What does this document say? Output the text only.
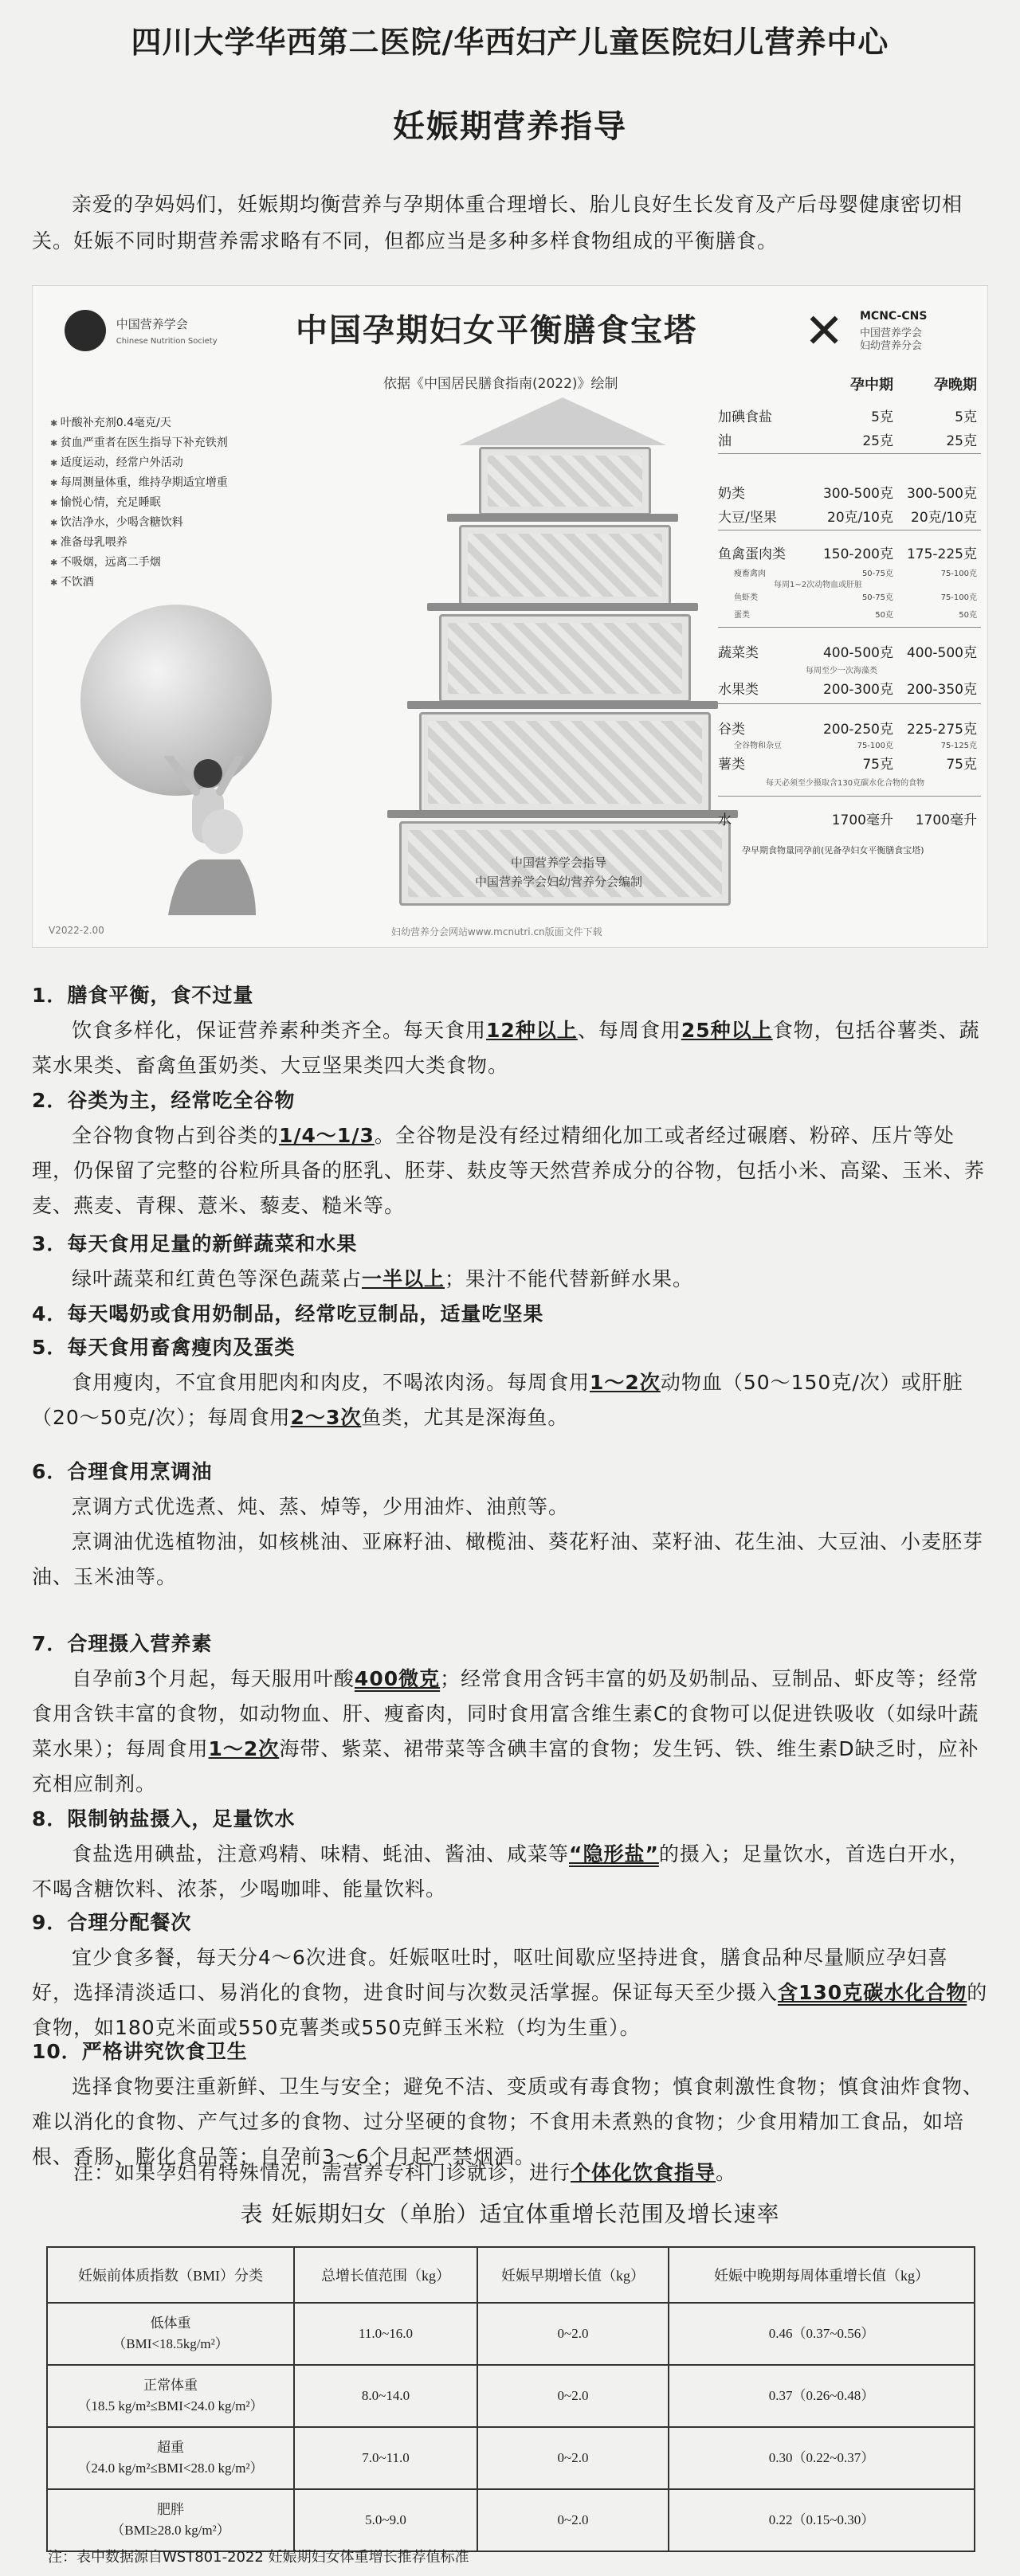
四川大学华西第二医院/华西妇产儿童医院妇儿营养中心
妊娠期营养指导
亲爱的孕妈妈们，妊娠期均衡营养与孕期体重合理增长、胎儿良好生长发育及产后母婴健康密切相关。妊娠不同时期营养需求略有不同，但都应当是多种多样食物组成的平衡膳食。
中国营养学会
Chinese Nutrition Society 中国孕期妇女平衡膳食宝塔
依据《中国居民膳食指南(2022)》绘制
✕ MCNC-CNS
中国营养学会
妇幼营养分会
✱ 叶酸补充剂0.4毫克/天
✱ 贫血严重者在医生指导下补充铁剂
✱ 适度运动，经常户外活动
✱ 每周测量体重，维持孕期适宜增重
✱ 愉悦心情，充足睡眠
✱ 饮洁净水，少喝含糖饮料
✱ 准备母乳喂养
✱ 不吸烟，远离二手烟
✱ 不饮酒
中国营养学会指导
中国营养学会妇幼营养分会编制
V2022-2.00	妇幼营养分会网站www.mcnutri.cn版面文件下载
孕中期	孕晚期
加碘食盐	5克	5克
油	25克	25克
奶类	300-500克 300-500克
大豆/坚果	20克/10克	20克/10克
鱼禽蛋肉类	150-200克 175-225克
瘦畜禽肉	50-75克	75-100克
每周1~2次动物血或肝脏
鱼虾类	50-75克	75-100克
蛋类	50克	50克
蔬菜类	400-500克 400-500克
每周至少一次海藻类
水果类	200-300克 200-350克
谷类	200-250克 225-275克
全谷物和杂豆	75-100克	75-125克
薯类	75克	75克
每天必须至少摄取含130克碳水化合物的食物
水	1700毫升	1700毫升
孕早期食物量同孕前(见备孕妇女平衡膳食宝塔)
1．膳食平衡，食不过量
饮食多样化，保证营养素种类齐全。每天食用12种以上、每周食用25种以上食物，包括谷薯类、蔬菜水果类、畜禽鱼蛋奶类、大豆坚果类四大类食物。
2．谷类为主，经常吃全谷物
全谷物食物占到谷类的1/4～1/3。全谷物是没有经过精细化加工或者经过碾磨、粉碎、压片等处理，仍保留了完整的谷粒所具备的胚乳、胚芽、麸皮等天然营养成分的谷物，包括小米、高粱、玉米、荞麦、燕麦、青稞、薏米、藜麦、糙米等。
3．每天食用足量的新鲜蔬菜和水果
绿叶蔬菜和红黄色等深色蔬菜占一半以上；果汁不能代替新鲜水果。
4．每天喝奶或食用奶制品，经常吃豆制品，适量吃坚果
5．每天食用畜禽瘦肉及蛋类
食用瘦肉，不宜食用肥肉和肉皮，不喝浓肉汤。每周食用1～2次动物血（50～150克/次）或肝脏（20～50克/次）；每周食用2～3次鱼类，尤其是深海鱼。
6．合理食用烹调油
烹调方式优选煮、炖、蒸、焯等，少用油炸、油煎等。
烹调油优选植物油，如核桃油、亚麻籽油、橄榄油、葵花籽油、菜籽油、花生油、大豆油、小麦胚芽油、玉米油等。
7．合理摄入营养素
自孕前3个月起，每天服用叶酸400微克；经常食用含钙丰富的奶及奶制品、豆制品、虾皮等；经常食用含铁丰富的食物，如动物血、肝、瘦畜肉，同时食用富含维生素C的食物可以促进铁吸收（如绿叶蔬菜水果）；每周食用1～2次海带、紫菜、裙带菜等含碘丰富的食物；发生钙、铁、维生素D缺乏时，应补充相应制剂。
8．限制钠盐摄入，足量饮水
食盐选用碘盐，注意鸡精、味精、蚝油、酱油、咸菜等“隐形盐”的摄入；足量饮水，首选白开水，不喝含糖饮料、浓茶，少喝咖啡、能量饮料。
9．合理分配餐次
宜少食多餐，每天分4～6次进食。妊娠呕吐时，呕吐间歇应坚持进食，膳食品种尽量顺应孕妇喜好，选择清淡适口、易消化的食物，进食时间与次数灵活掌握。保证每天至少摄入含130克碳水化合物的食物，如180克米面或550克薯类或550克鲜玉米粒（均为生重）。
10．严格讲究饮食卫生
选择食物要注重新鲜、卫生与安全；避免不洁、变质或有毒食物；慎食刺激性食物；慎食油炸食物、难以消化的食物、产气过多的食物、过分坚硬的食物；不食用未煮熟的食物；少食用精加工食品，如培根、香肠、膨化食品等；自孕前3～6个月起严禁烟酒。
注：如果孕妇有特殊情况，需营养专科门诊就诊，进行个体化饮食指导。
表 妊娠期妇女（单胎）适宜体重增长范围及增长速率
妊娠前体质指数（BMI）分类	总增长值范围（kg）	妊娠早期增长值（kg）	妊娠中晚期每周体重增长值（kg）
低体重
（BMI<18.5kg/m²）	11.0~16.0	0~2.0	0.46（0.37~0.56）
正常体重
（18.5 kg/m²≤BMI<24.0 kg/m²）	8.0~14.0	0~2.0	0.37（0.26~0.48）
超重
（24.0 kg/m²≤BMI<28.0 kg/m²）	7.0~11.0	0~2.0	0.30（0.22~0.37）
肥胖
（BMI≥28.0 kg/m²）	5.0~9.0	0~2.0	0.22（0.15~0.30）
注：表中数据源自WST801-2022 妊娠期妇女体重增长推荐值标准
